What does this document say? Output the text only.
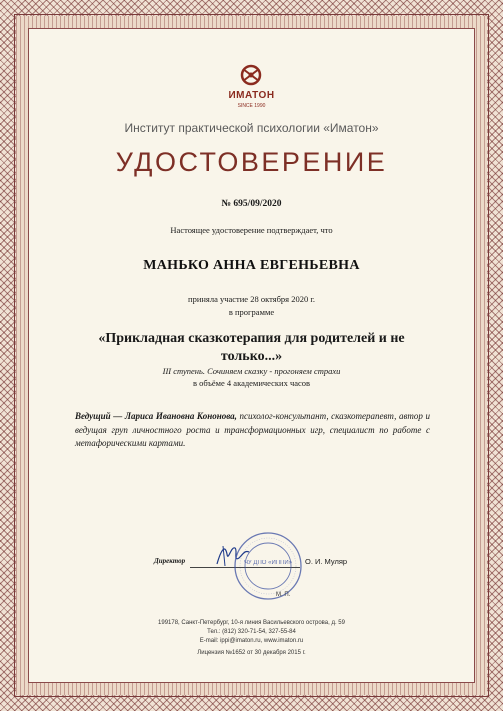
ИМАТОН
SINCE 1990
Институт практической психологии «Иматон»
УДОСТОВЕРЕНИЕ
№ 695/09/2020
Настоящее удостоверение подтверждает, что
МАНЬКО АННА ЕВГЕНЬЕВНА
приняла участие 28 октября 2020 г.
в программе
«Прикладная сказкотерапия для родителей и не только...»
III ступень. Сочиняем сказку - прогоняем страхи
в объёме 4 академических часов
Ведущий — Лариса Ивановна Кононова, психолог-консультант, сказкотерапевт, автор и ведущая груп личностного роста и трансформационных игр, специалист по работе с метафорическими картами.
Директор	ЧУ ДПО «ИППИ» О. И. Муляр
М. П.
199178, Санкт-Петербург, 10-я линия Васильевского острова, д. 59
Тел.: (812) 320-71-54, 327-55-84
E-mail: ippi@imaton.ru, www.imaton.ru
Лицензия №1652 от 30 декабря 2015 г.
